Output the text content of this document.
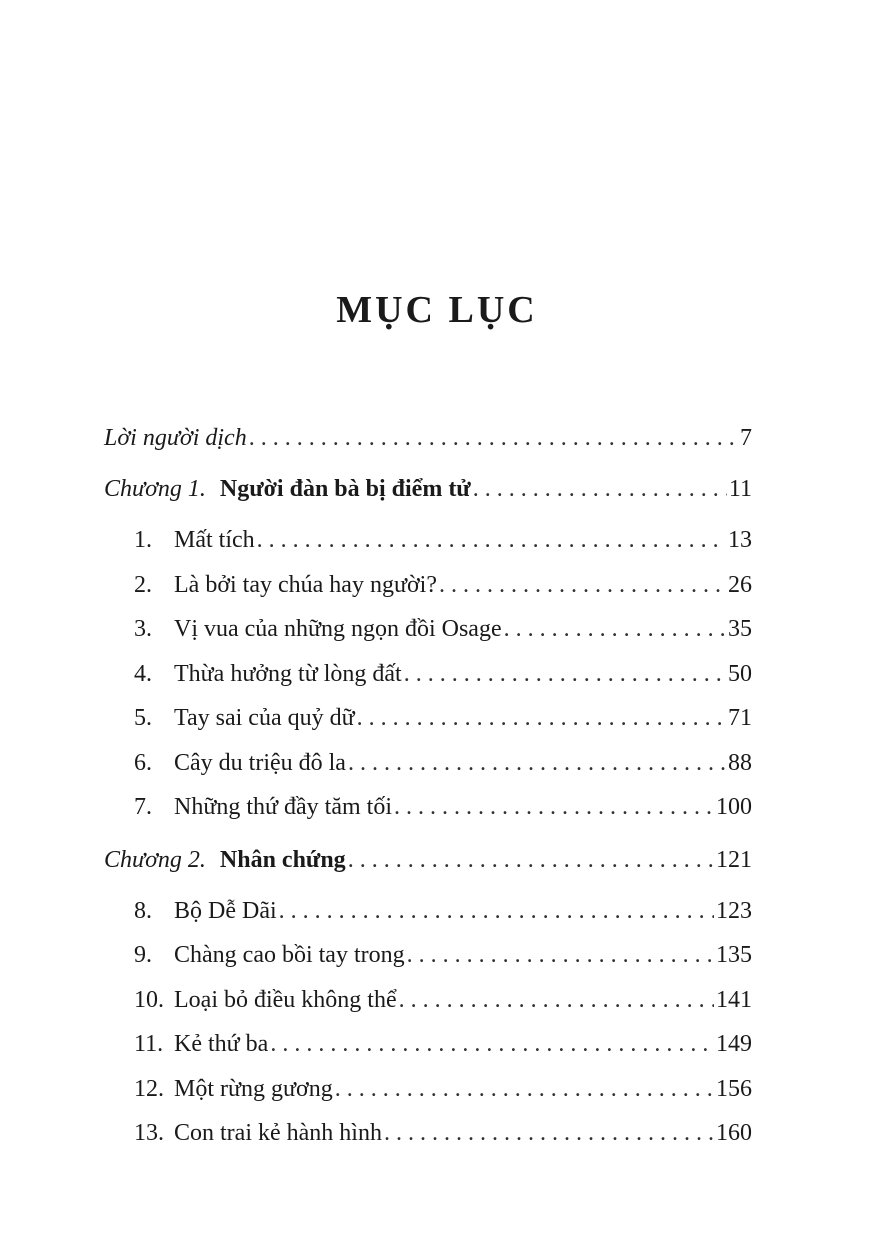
MỤC LỤC
Lời người dịch . . .	7
Chương 1. Người đàn bà bị điểm tử . . .	11
1. Mất tích . . .	13
2. Là bởi tay chúa hay người? . . .	26
3. Vị vua của những ngọn đồi Osage . . .	35
4. Thừa hưởng từ lòng đất . . .	50
5. Tay sai của quỷ dữ . . .	71
6. Cây du triệu đô la . . .	88
7. Những thứ đầy tăm tối . . .	100
Chương 2. Nhân chứng . . .	121
8. Bộ Dễ Dãi . . .	123
9. Chàng cao bồi tay trong . . .	135
10. Loại bỏ điều không thể . . .	141
11. Kẻ thứ ba . . .	149
12. Một rừng gương . . .	156
13. Con trai kẻ hành hình . . .	160
